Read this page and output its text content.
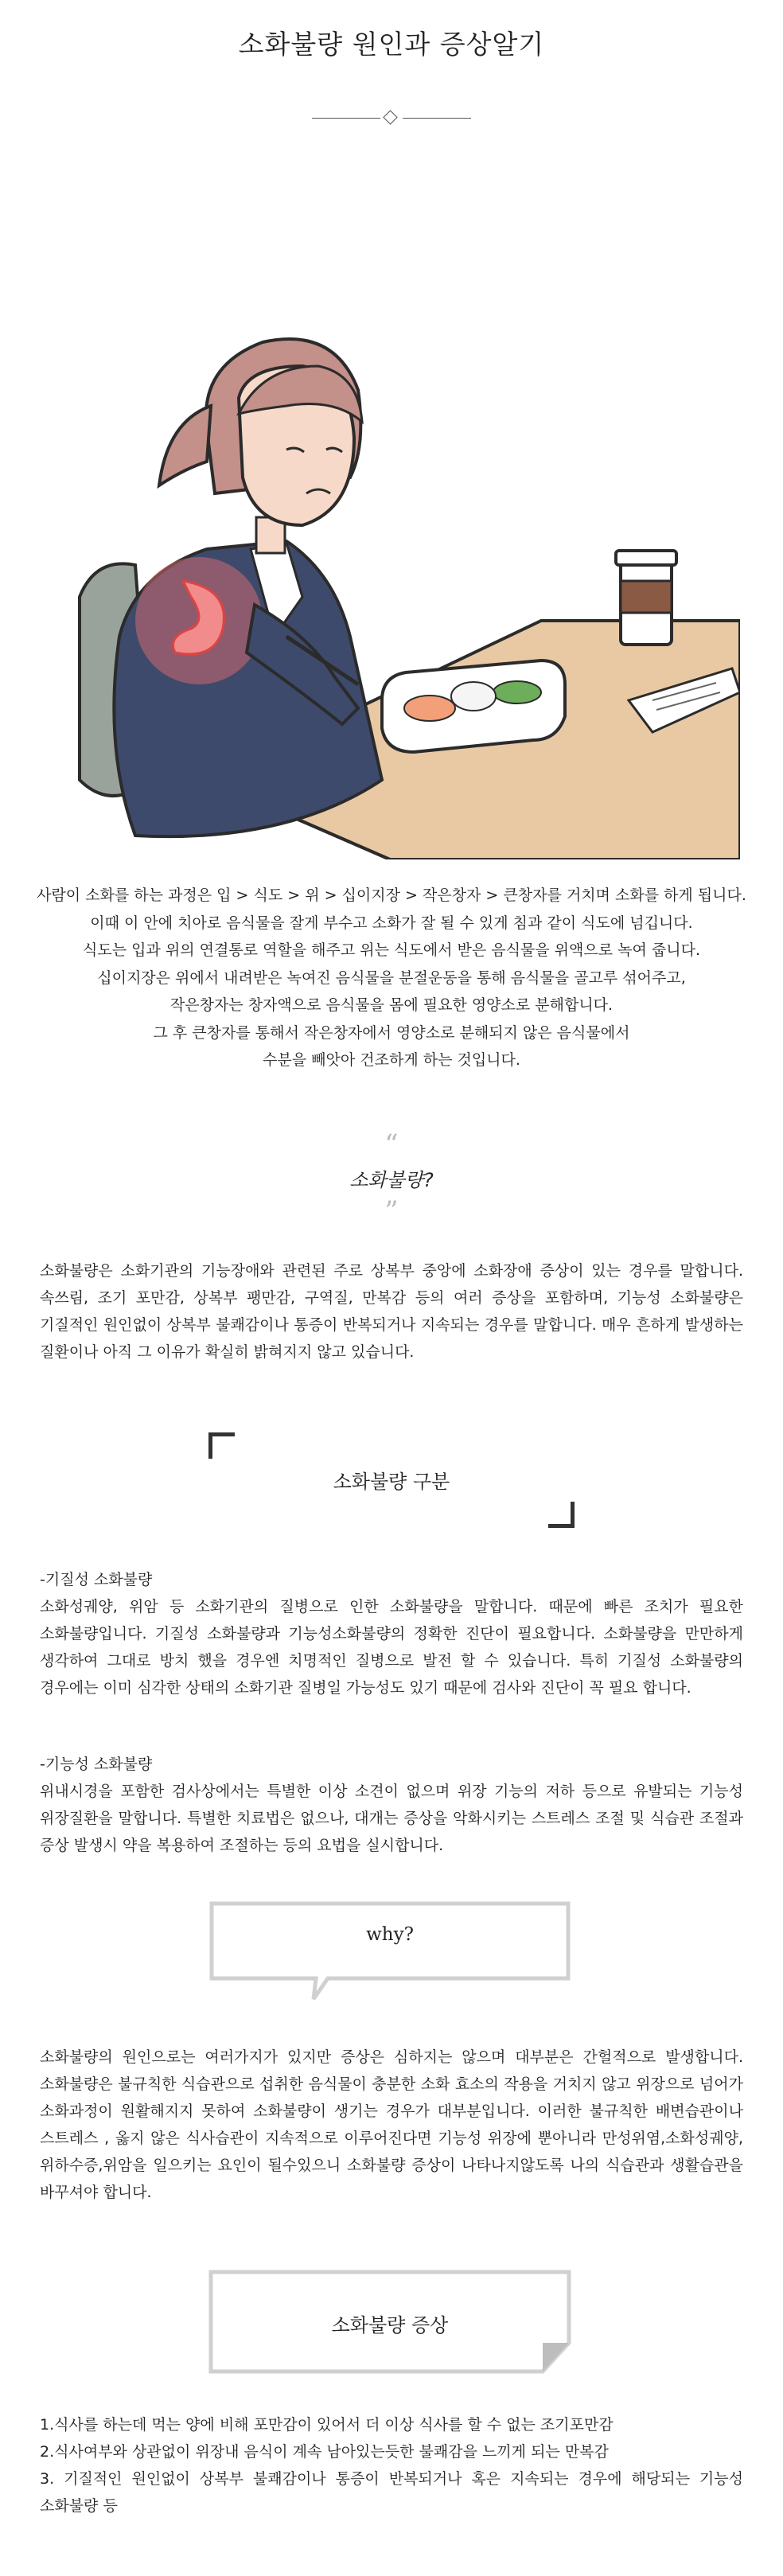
소화불량 원인과 증상알기
사람이 소화를 하는 과정은 입 > 식도 > 위 > 십이지장 > 작은창자 > 큰창자를 거치며 소화를 하게 됩니다.
이때 이 안에 치아로 음식물을 잘게 부수고 소화가 잘 될 수 있게 침과 같이 식도에 넘깁니다.
식도는 입과 위의 연결통로 역할을 해주고 위는 식도에서 받은 음식물을 위액으로 녹여 줍니다.
십이지장은 위에서 내려받은 녹여진 음식물을 분절운동을 통해 음식물을 골고루 섞어주고,
작은창자는 창자액으로 음식물을 몸에 필요한 영양소로 분해합니다.
그 후 큰창자를 통해서 작은창자에서 영양소로 분해되지 않은 음식물에서
수분을 빼앗아 건조하게 하는 것입니다.
“
소화불량?
”
소화불량은 소화기관의 기능장애와 관련된 주로 상복부 중앙에 소화장애 증상이 있는 경우를 말합니다. 속쓰림, 조기 포만감, 상복부 팽만감, 구역질, 만복감 등의 여러 증상을 포함하며, 기능성 소화불량은 기질적인 원인없이 상복부 불쾌감이나 통증이 반복되거나 지속되는 경우를 말합니다. 매우 흔하게 발생하는 질환이나 아직 그 이유가 확실히 밝혀지지 않고 있습니다.
소화불량 구분
-기질성 소화불량
소화성궤양, 위암 등 소화기관의 질병으로 인한 소화불량을 말합니다. 때문에 빠른 조치가 필요한 소화불량입니다. 기질성 소화불량과 기능성소화불량의 정확한 진단이 필요합니다. 소화불량을 만만하게 생각하여 그대로 방치 했을 경우엔 치명적인 질병으로 발전 할 수 있습니다. 특히 기질성 소화불량의 경우에는 이미 심각한 상태의 소화기관 질병일 가능성도 있기 때문에 검사와 진단이 꼭 필요 합니다.
-기능성 소화불량
위내시경을 포함한 검사상에서는 특별한 이상 소견이 없으며 위장 기능의 저하 등으로 유발되는 기능성 위장질환을 말합니다. 특별한 치료법은 없으나, 대개는 증상을 악화시키는 스트레스 조절 및 식습관 조절과 증상 발생시 약을 복용하여 조절하는 등의 요법을 실시합니다.
why?
소화불량의 원인으로는 여러가지가 있지만 증상은 심하지는 않으며 대부분은 간헐적으로 발생합니다. 소화불량은 불규칙한 식습관으로 섭취한 음식물이 충분한 소화 효소의 작용을 거치지 않고 위장으로 넘어가 소화과정이 원활해지지 못하여 소화불량이 생기는 경우가 대부분입니다. 이러한 불규칙한 배변습관이나 스트레스 , 옳지 않은 식사습관이 지속적으로 이루어진다면 기능성 위장에 뿐아니라 만성위염,소화성궤양, 위하수증,위암을 일으키는 요인이 될수있으니 소화불량 증상이 나타나지않도록 나의 식습관과 생활습관을 바꾸셔야 합니다.
소화불량 증상
1.식사를 하는데 먹는 양에 비해 포만감이 있어서 더 이상 식사를 할 수 없는 조기포만감
2.식사여부와 상관없이 위장내 음식이 계속 남아있는듯한 불쾌감을 느끼게 되는 만복감
3. 기질적인 원인없이 상복부 불쾌감이나 통증이 반복되거나 혹은 지속되는 경우에 해당되는 기능성 소화불량 등
